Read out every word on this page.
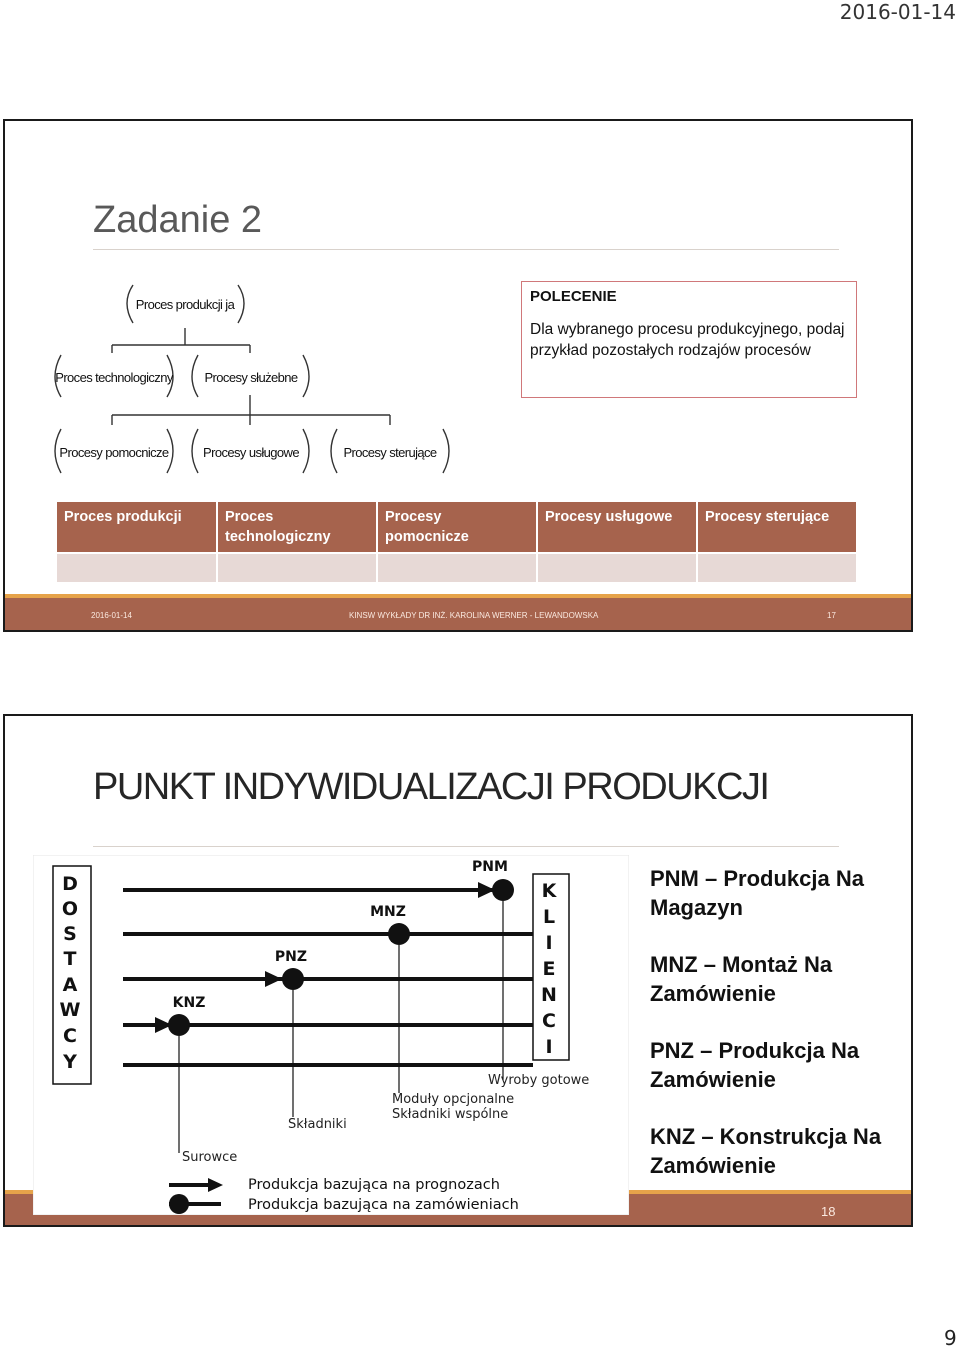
2016-01-14
Zadanie 2
Proces produkcji ja
Proces technologiczny Procesy służebne
Procesy pomocnicze	Procesy usługowe	Procesy sterujące
POLECENIE
Dla wybranego procesu produkcyjnego, podaj przykład pozostałych rodzajów procesów
Proces produkcji	Proces technologiczny	Procesy pomocnicze	Procesy usługowe	Procesy sterujące

2016-01-14	KINSW WYKŁADY DR INŻ. KAROLINA WERNER - LEWANDOWSKA	17
PUNKT INDYWIDUALIZACJI PRODUKCJI
18
D
O
S
T
A
W
C
Y
K
L
I
E
N
C
I
PNM
MNZ
PNZ
KNZ
Wyroby gotowe
Moduły opcjonalne
Składniki wspólne
Składniki
Surowce
Produkcja bazująca na prognozach
Produkcja bazująca na zamówieniach

PNM – Produkcja Na Magazyn

MNZ – Montaż Na Zamówienie

PNZ – Produkcja Na Zamówienie

KNZ – Konstrukcja Na Zamówienie

9
